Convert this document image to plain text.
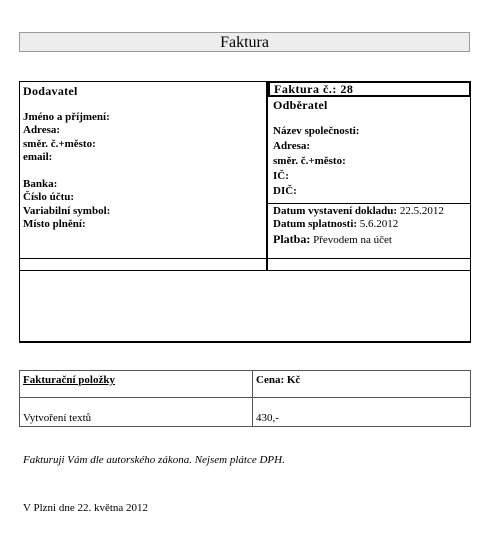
Faktura
Dodavatel
Jméno a příjmení:
Adresa:
směr. č.+město:
email:
Banka:
Číslo účtu:
Variabilní symbol:
Místo plnění:
Faktura č.: 28
Odběratel
Název společnosti:
Adresa:
směr. č.+město:
IČ:
DIČ:
Datum vystavení dokladu: 22.5.2012
Datum splatnosti: 5.6.2012
Platba: Převodem na účet
Fakturační položky	Cena: Kč
Vytvoření textů	430,-
Fakturuji Vám dle autorského zákona. Nejsem plátce DPH.
V Plzni dne 22. května 2012
